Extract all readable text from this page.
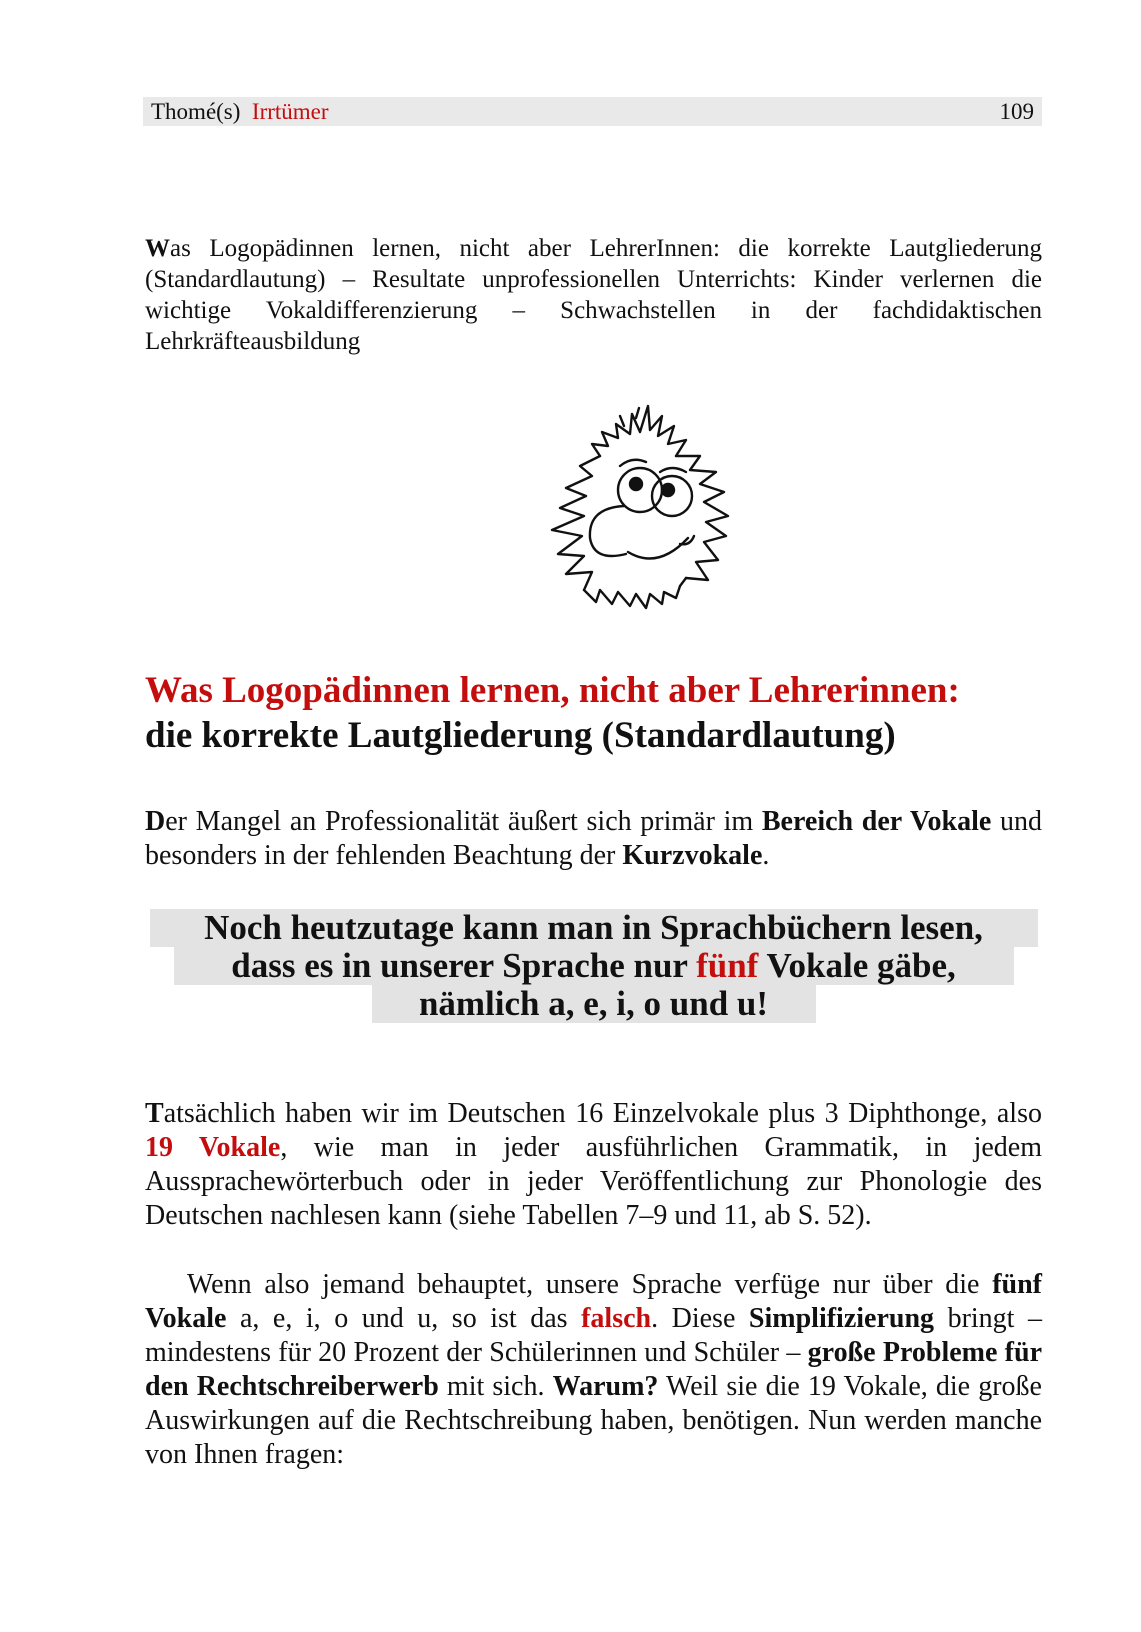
Thomé(s) Irrtümer	109

Was Logopädinnen lernen, nicht aber LehrerInnen: die korrekte Lautgliederung (Standardlautung) – Resultate unprofessionellen Unterrichts: Kinder verlernen die wichtige Vokaldifferenzierung – Schwachstellen in der fachdidaktischen Lehrkräfteausbildung

Was Logopädinnen lernen, nicht aber Lehrerinnen:
die korrekte Lautgliederung (Standardlautung)

Der Mangel an Professionalität äußert sich primär im Bereich der Vokale und besonders in der fehlenden Beachtung der Kurzvokale.

Noch heutzutage kann man in Sprachbüchern lesen,
dass es in unserer Sprache nur fünf Vokale gäbe,
nämlich a, e, i, o und u!

Tatsächlich haben wir im Deutschen 16 Einzelvokale plus 3 Diphthonge, also 19 Vokale, wie man in jeder ausführlichen Grammatik, in jedem Aussprachewörterbuch oder in jeder Veröffentlichung zur Phonologie des Deutschen nachlesen kann (siehe Tabellen 7–9 und 11, ab S. 52).

Wenn also jemand behauptet, unsere Sprache verfüge nur über die fünf Vokale a, e, i, o und u, so ist das falsch. Diese Simplifizierung bringt – mindestens für 20 Prozent der Schülerinnen und Schüler – große Probleme für den Rechtschreiberwerb mit sich. Warum? Weil sie die 19 Vokale, die große Auswirkungen auf die Rechtschreibung haben, benötigen. Nun werden manche von Ihnen fragen:
